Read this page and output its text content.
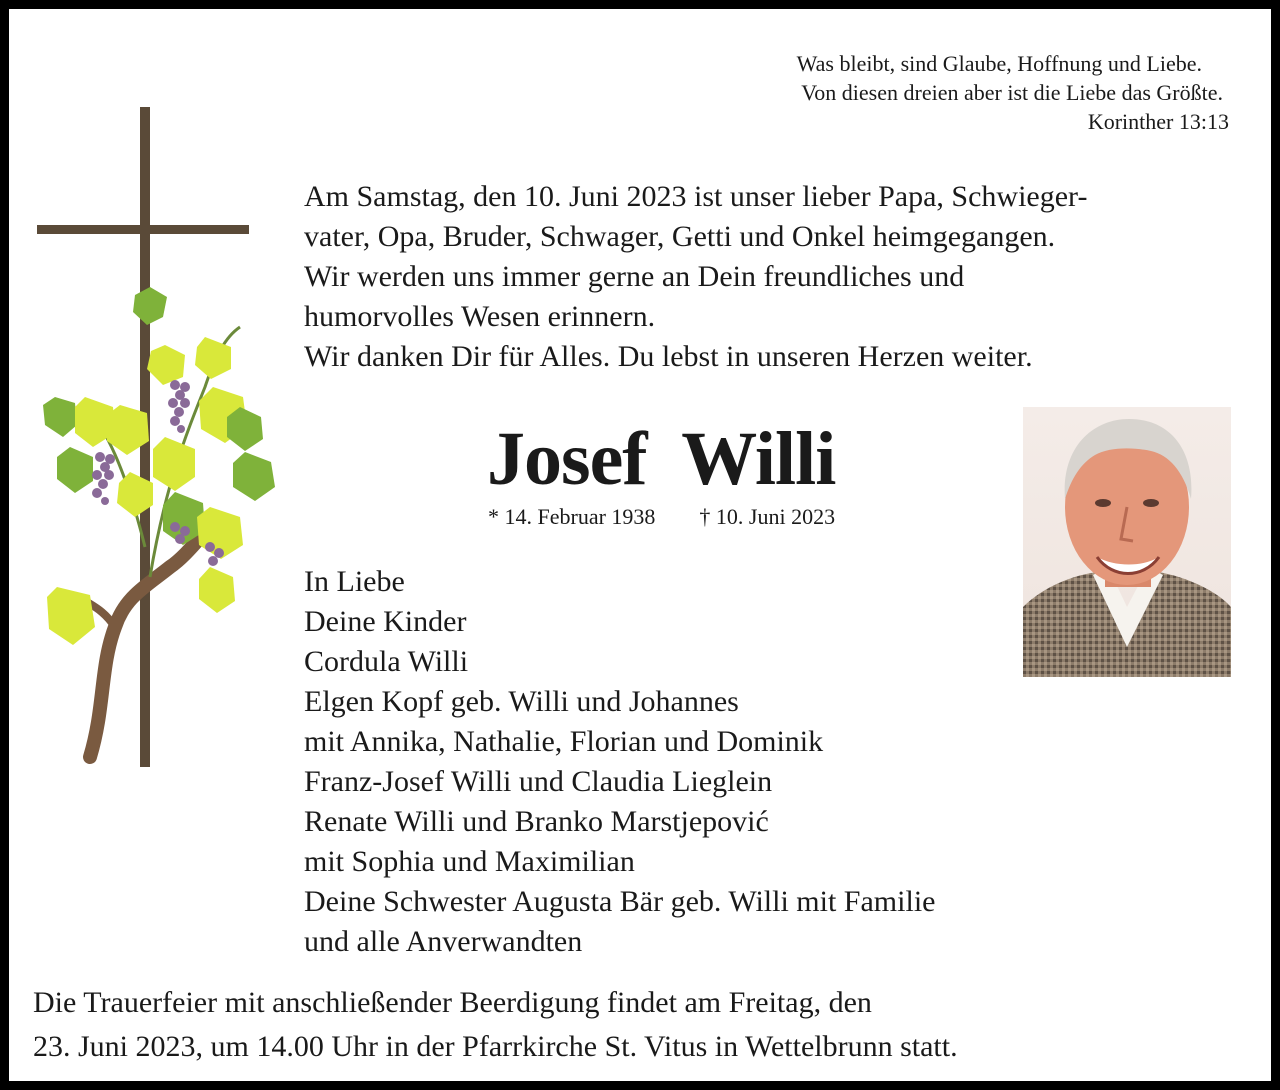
Was bleibt, sind Glaube, Hoffnung und Liebe.
Von diesen dreien aber ist die Liebe das Größte.
Korinther 13:13
Am Samstag, den 10. Juni 2023 ist unser lieber Papa, Schwieger-
vater, Opa, Bruder, Schwager, Getti und Onkel heimgegangen.
Wir werden uns immer gerne an Dein freundliches und
humorvolles Wesen erinnern.
Wir danken Dir für Alles. Du lebst in unseren Herzen weiter.
Josef  Willi
* 14. Februar 1938 † 10. Juni 2023
In Liebe
Deine Kinder
Cordula Willi
Elgen Kopf geb. Willi und Johannes
mit Annika, Nathalie, Florian und Dominik
Franz-Josef Willi und Claudia Lieglein
Renate Willi und Branko Marstjepović
mit Sophia und Maximilian
Deine Schwester Augusta Bär geb. Willi mit Familie
und alle Anverwandten
Die Trauerfeier mit anschließender Beerdigung findet am Freitag, den
23. Juni 2023, um 14.00 Uhr in der Pfarrkirche St. Vitus in Wettelbrunn statt.
